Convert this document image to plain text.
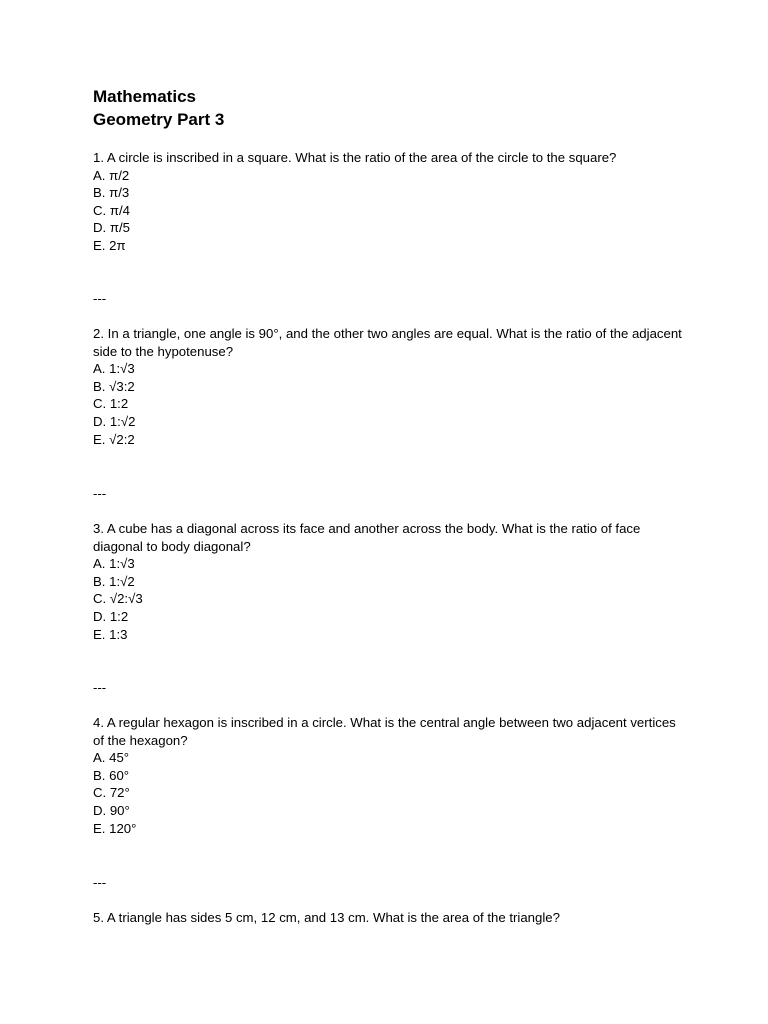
Mathematics
Geometry Part 3
1. A circle is inscribed in a square. What is the ratio of the area of the circle to the square?
A. π/2
B. π/3
C. π/4
D. π/5
E. 2π
---
2. In a triangle, one angle is 90°, and the other two angles are equal. What is the ratio of the adjacent side to the hypotenuse?
A. 1:√3
B. √3:2
C. 1:2
D. 1:√2
E. √2:2
---
3. A cube has a diagonal across its face and another across the body. What is the ratio of face diagonal to body diagonal?
A. 1:√3
B. 1:√2
C. √2:√3
D. 1:2
E. 1:3
---
4. A regular hexagon is inscribed in a circle. What is the central angle between two adjacent vertices of the hexagon?
A. 45°
B. 60°
C. 72°
D. 90°
E. 120°
---
5. A triangle has sides 5 cm, 12 cm, and 13 cm. What is the area of the triangle?
